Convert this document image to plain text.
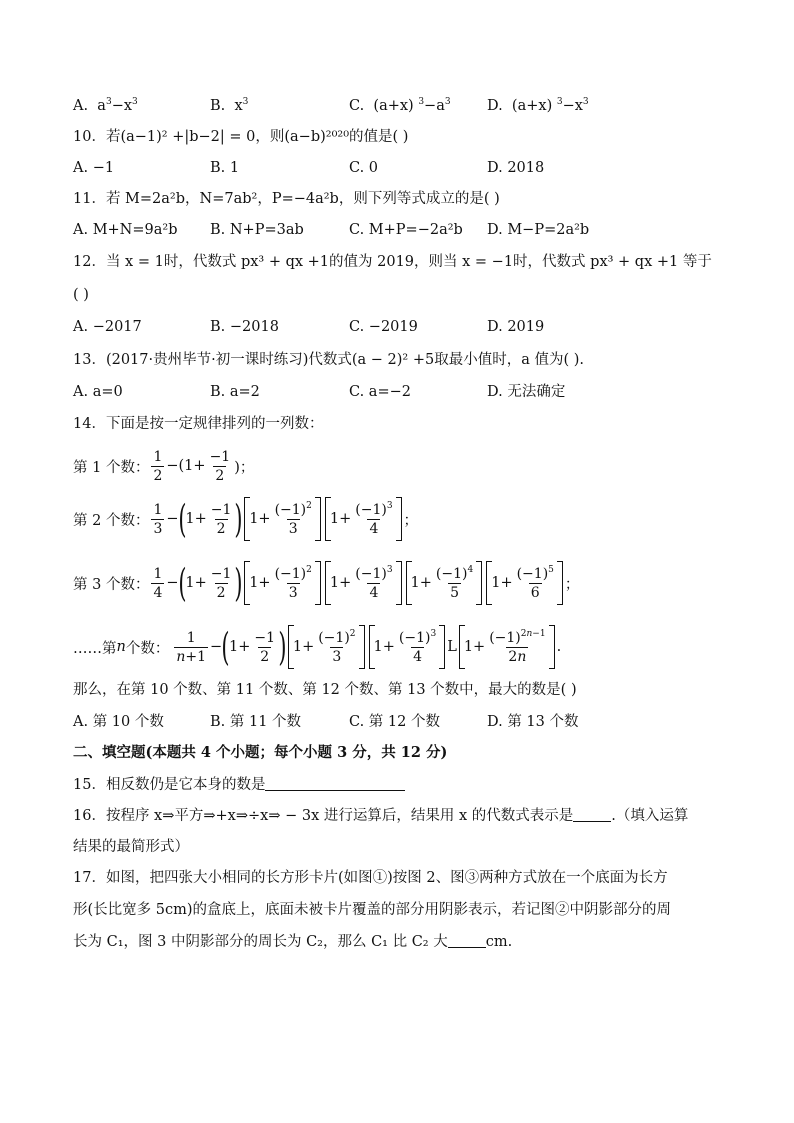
A.  $a^3-x^3$	B.  $x^3$	C.  (a+x) $^3-a^3$	D.  (a+x) $^3-x^3$
10．若(a−1)² +|b−2| = 0，则(a−b)²⁰²⁰的值是( )
A. −1	B. 1	C. 0	D. 2018
11．若 M=2a²b，N=7ab²，P=−4a²b，则下列等式成立的是( )
A. M+N=9a²b B. N+P=3ab	C. M+P=−2a²b D. M−P=2a²b
12．当 x = 1时，代数式 px³ + qx +1的值为 2019，则当 x = −1时，代数式 px³ + qx +1 等于
( )
A. −2017	B. −2018	C. −2019	D. 2019
13．(2017·贵州毕节·初一课时练习)代数式(a − 2)² +5取最小值时，a 值为( ).
A. a=0	B. a=2	C. a=−2	D. 无法确定
14．下面是按一定规律排列的一列数：
第 1 个数： $\frac{1}{2} -(1+ \frac{-1}{2}$ )；
第 2 个数： $\frac{1}{3}$ − ( $1+ \frac{-1}{2}$ ) $1+ \frac{(-1)^2}{3}$	$1+ \frac{(-1)^3}{4}$ ；
第 3 个数： $\frac{1}{4}$ − ( $1+ \frac{-1}{2}$ ) $1+ \frac{(-1)^2}{3}$	$1+ \frac{(-1)^3}{4}$	$1+ \frac{(-1)^4}{5}$	$1+ \frac{(-1)^5}{6}$ ；
……第 n 个数： $\frac{1}{n+1}$ − ( $1+ \frac{-1}{2}$ ) $1+ \frac{(-1)^2}{3}$	$1+ \frac{(-1)^3}{4}$ L $1+ \frac{(-1)^{2n-1}}{2n}$ .
那么，在第 10 个数、第 11 个数、第 12 个数、第 13 个数中，最大的数是( )
A. 第 10 个数	B. 第 11 个数	C. 第 12 个数	D. 第 13 个数
二、填空题(本题共 4 个小题；每个小题 3 分，共 12 分)
15．相反数仍是它本身的数是
16．按程序 x⇒平方⇒+x⇒÷x⇒ − 3x 进行运算后，结果用 x 的代数式表示是	.（填入运算
结果的最简形式）
17．如图，把四张大小相同的长方形卡片(如图①)按图 2、图③两种方式放在一个底面为长方
形(长比宽多 5cm)的盒底上，底面未被卡片覆盖的部分用阴影表示，若记图②中阴影部分的周
长为 C₁，图 3 中阴影部分的周长为 C₂，那么 C₁ 比 C₂ 大	cm.
